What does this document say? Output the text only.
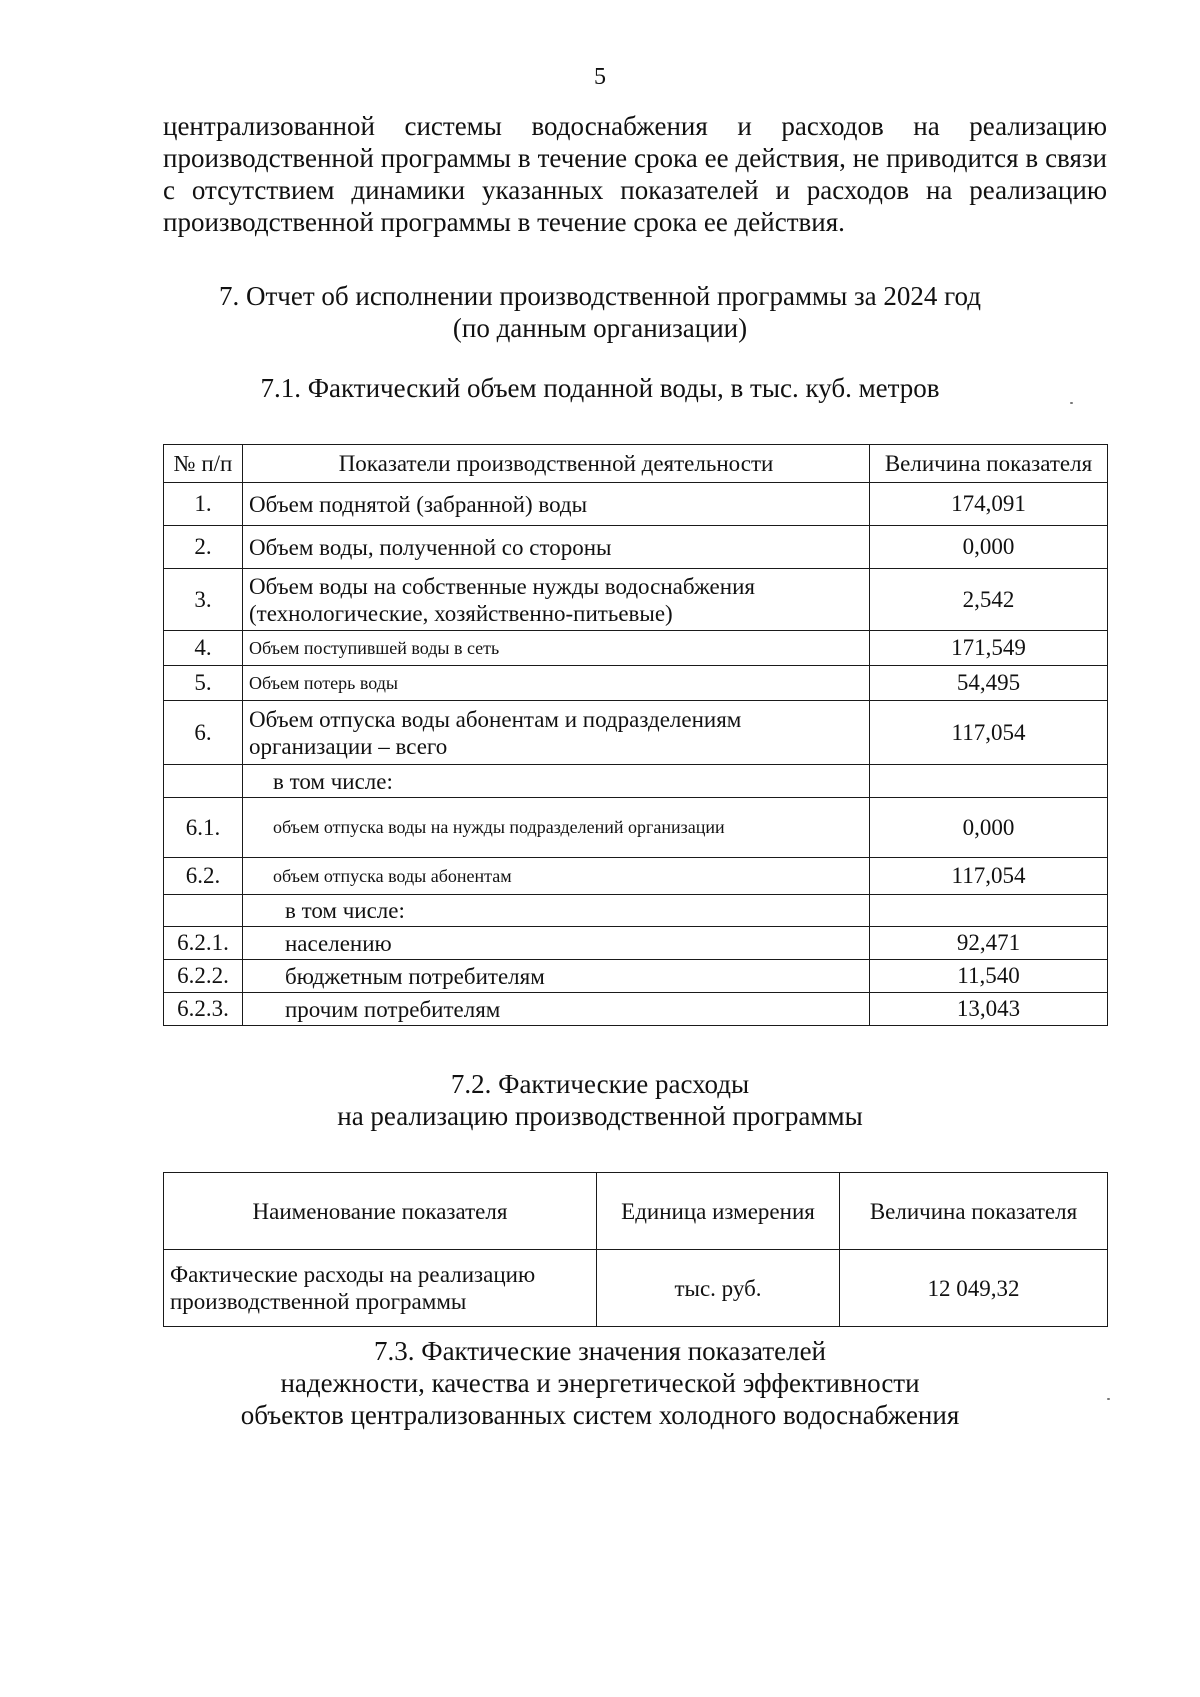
5

централизованной системы водоснабжения и расходов на реализацию производственной программы в течение срока ее действия, не приводится в связи с отсутствием динамики указанных показателей и расходов на реализацию производственной программы в течение срока ее действия.

7. Отчет об исполнении производственной программы за 2024 год
(по данным организации)
7.1. Фактический объем поданной воды, в тыс. куб. метров
№ п/п	Показатели производственной деятельности	Величина показателя
1.	Объем поднятой (забранной) воды	174,091
2.	Объем воды, полученной со стороны	0,000
3.	Объем воды на собственные нужды водоснабжения
(технологические, хозяйственно-питьевые)	2,542
4.	Объем поступившей воды в сеть	171,549
5.	Объем потерь воды	54,495
6.	Объем отпуска воды абонентам и подразделениям
организации – всего	117,054
	в том числе:	
6.1.	объем отпуска воды на нужды подразделений организации	0,000
6.2.	объем отпуска воды абонентам	117,054
	в том числе:	
6.2.1.	населению	92,471
6.2.2.	бюджетным потребителям	11,540
6.2.3.	прочим потребителям	13,043
7.2. Фактические расходы
на реализацию производственной программы
Наименование показателя	Единица измерения	Величина показателя

Фактические расходы на реализацию
производственной программы	тыс. руб.	12 049,32
7.3. Фактические значения показателей
надежности, качества и энергетической эффективности
объектов централизованных систем холодного водоснабжения
